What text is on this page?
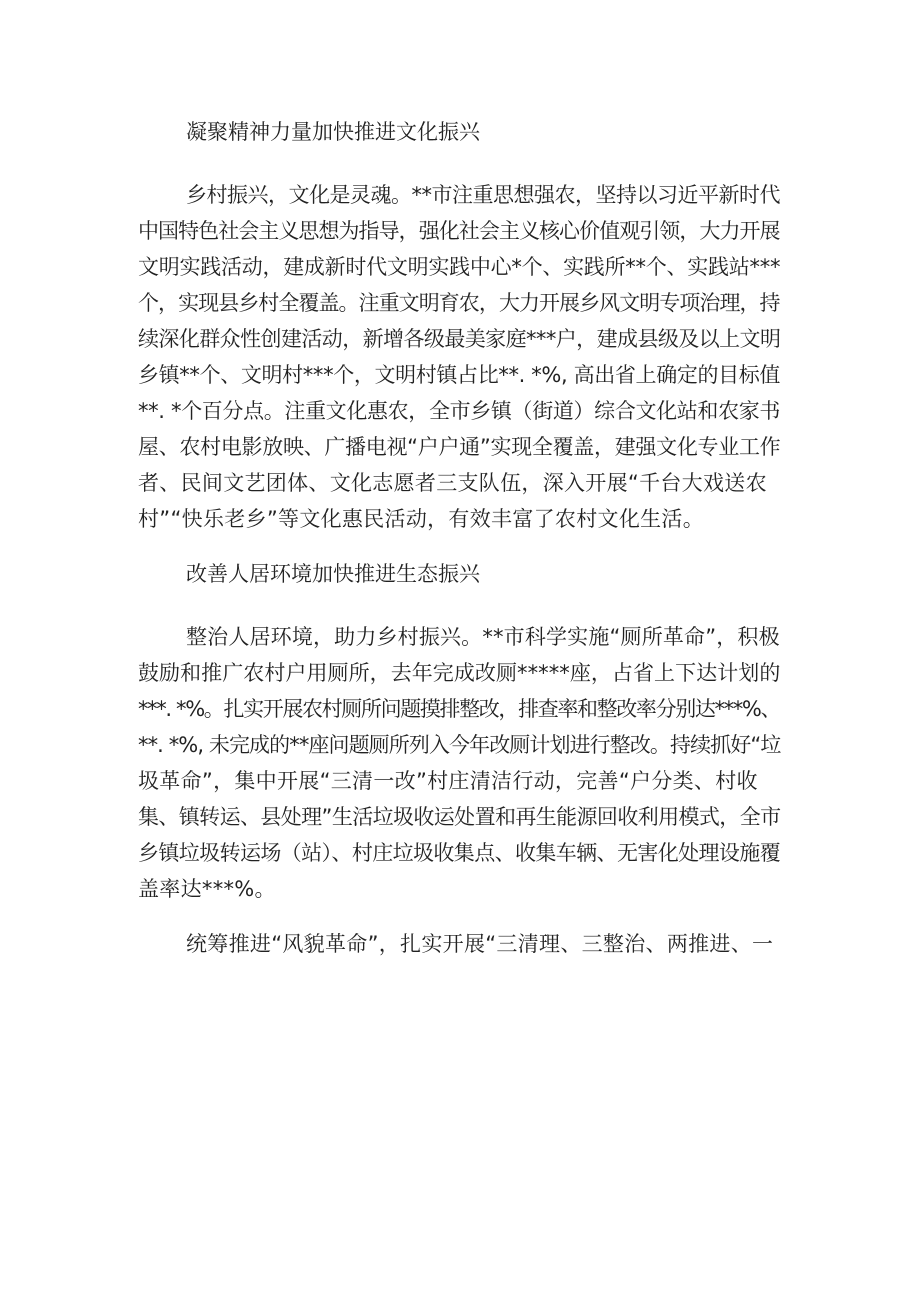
凝聚精神力量加快推进文化振兴
乡村振兴，文化是灵魂。**市注重思想强农，坚持以习近平新时代
中国特色社会主义思想为指导，强化社会主义核心价值观引领，大力开展
文明实践活动，建成新时代文明实践中心*个、实践所**个、实践站***
个，实现县乡村全覆盖。注重文明育农，大力开展乡风文明专项治理，持
续深化群众性创建活动，新增各级最美家庭***户，建成县级及以上文明
乡镇**个、文明村***个，文明村镇占比**. *%, 高出省上确定的目标值
**. *个百分点。注重文化惠农，全市乡镇（街道）综合文化站和农家书
屋、农村电影放映、广播电视“户户通”实现全覆盖，建强文化专业工作
者、民间文艺团体、文化志愿者三支队伍，深入开展“千台大戏送农
村”“快乐老乡”等文化惠民活动，有效丰富了农村文化生活。
改善人居环境加快推进生态振兴
整治人居环境，助力乡村振兴。**市科学实施“厕所革命”，积极
鼓励和推广农村户用厕所，去年完成改厕*****座，占省上下达计划的
***. *%。扎实开展农村厕所问题摸排整改，排查率和整改率分别达***%、
**. *%, 未完成的**座问题厕所列入今年改厕计划进行整改。持续抓好“垃
圾革命”，集中开展“三清一改”村庄清洁行动，完善“户分类、村收
集、镇转运、县处理”生活垃圾收运处置和再生能源回收利用模式，全市
乡镇垃圾转运场（站）、村庄垃圾收集点、收集车辆、无害化处理设施覆
盖率达***%。
统筹推进“风貌革命”，扎实开展“三清理、三整治、两推进、一
